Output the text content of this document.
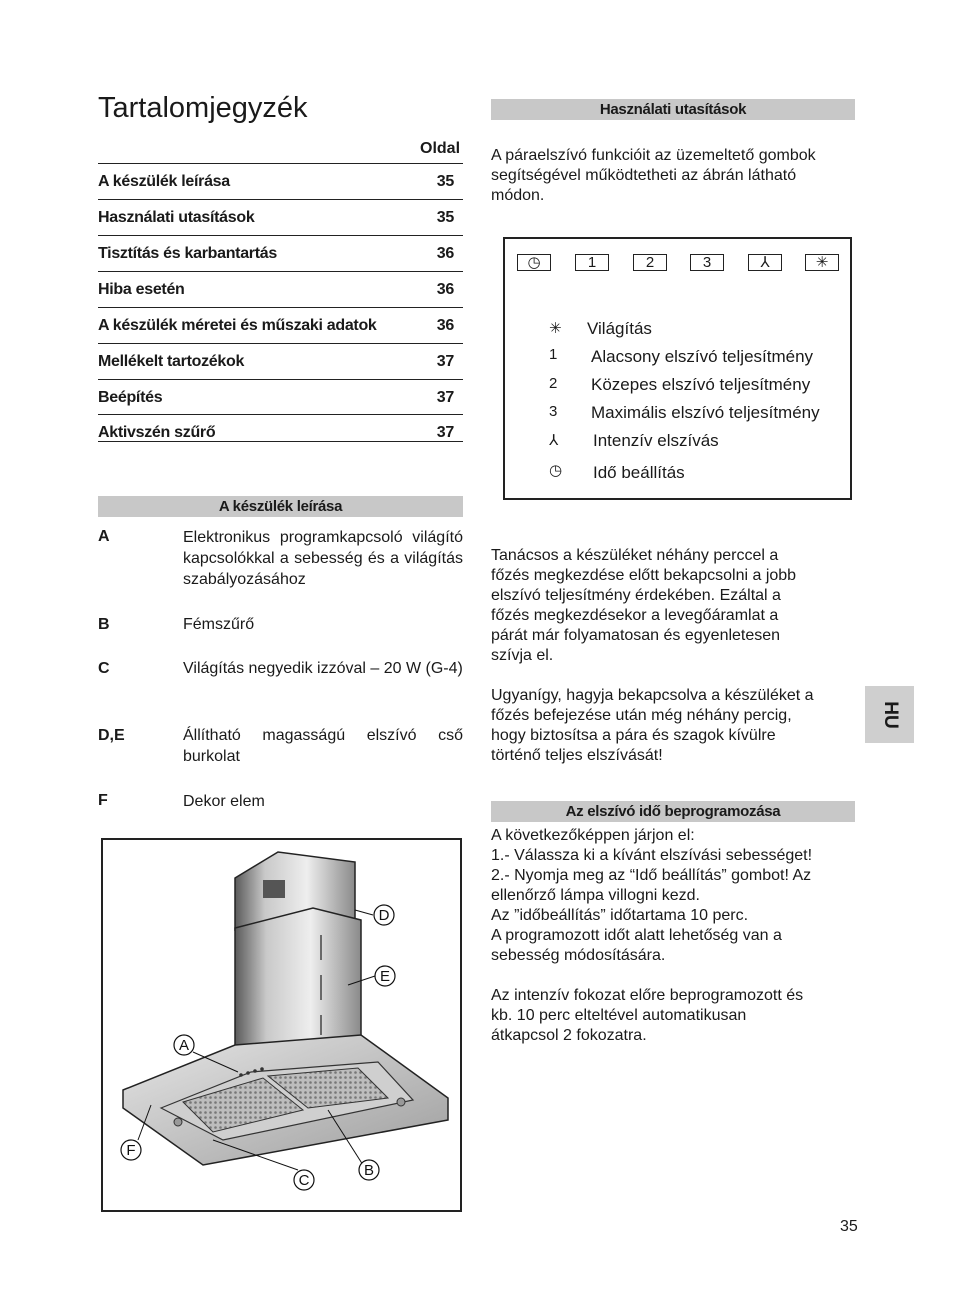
Tartalomjegyzék
Oldal
A készülék leírása	35
Használati utasítások	35
Tisztítás és karbantartás	36
Hiba esetén	36
A készülék méretei és műszaki adatok	36
Mellékelt tartozékok	37
Beépítés	37
Aktivszén szűrő	37
A készülék leírása
A	Elektronikus programkapcsoló világító kapcsolókkal a sebesség és a világítás szabályozásához
B	Fémszűrő
C	Világítás negyedik izzóval – 20 W (G-4)
D,E	Állítható magasságú elszívó cső burkolat
F	Dekor elem
D
E
A
F
C
B
Használati utasítások
A páraelszívó funkcióit az üzemeltető gombok
segítségével működtetheti az ábrán látható
módon.
◷	1	2	3	⅄	✳
✳ Világítás
1 Alacsony elszívó teljesítmény
2 Közepes elszívó teljesítmény
3 Maximális elszívó teljesítmény
⅄ Intenzív elszívás
◷ Idő beállítás
Tanácsos a készüléket néhány perccel a
főzés megkezdése előtt bekapcsolni a jobb
elszívó teljesítmény érdekében. Ezáltal a
főzés megkezdésekor a levegőáramlat a
párát már folyamatosan és egyenletesen
szívja el.
Ugyanígy, hagyja bekapcsolva a készüléket a
főzés befejezése után még néhány percig,
hogy biztosítsa a pára és szagok kívülre
történő teljes elszívását!
Az elszívó idő beprogramozása
A következőképpen járjon el:
1.- Válassza ki a kívánt elszívási sebességet!
2.- Nyomja meg az “Idő beállítás” gombot! Az
ellenőrző lámpa villogni kezd.
Az ”időbeállítás” időtartama 10 perc.
A programozott időt alatt lehetőség van a
sebesség módosítására.
Az intenzív fokozat előre beprogramozott és
kb. 10 perc elteltével automatikusan
átkapcsol 2 fokozatra.
HU
35
